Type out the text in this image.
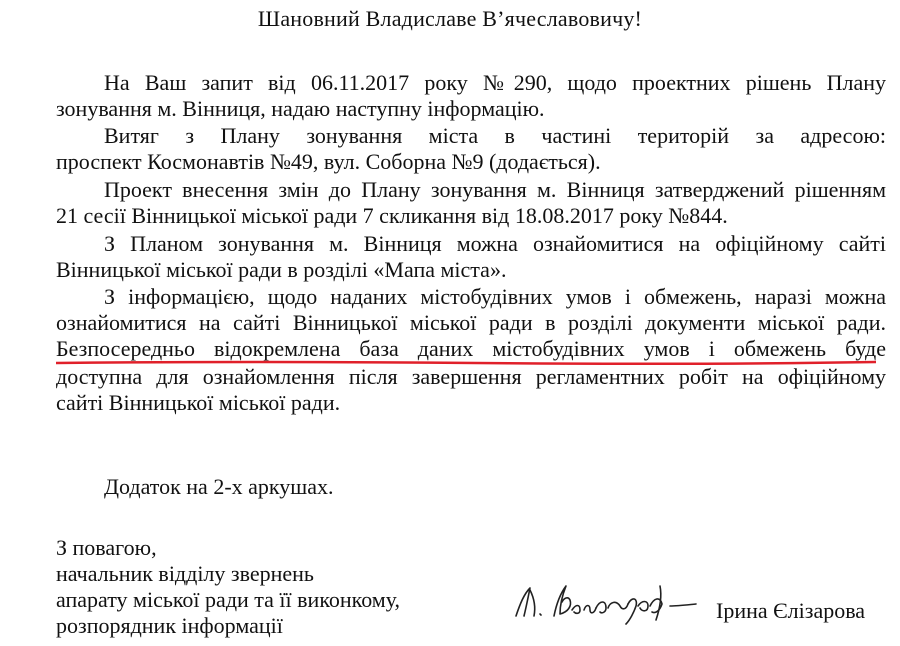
Шановний Владиславе В’ячеславовичу!
На Ваш запит від 06.11.2017 року №290, щодо проектних рішень Плану
зонування м. Вінниця, надаю наступну інформацію.
Витяг з Плану зонування міста в частині територій за адресою:
проспект Космонавтів №49, вул. Соборна №9 (додається).
Проект внесення змін до Плану зонування м. Вінниця затверджений рішенням
21 сесії Вінницької міської ради 7 скликання від 18.08.2017 року №844.
З Планом зонування м. Вінниця можна ознайомитися на офіційному сайті
Вінницької міської ради в розділі «Мапа міста».
З інформацією, щодо наданих містобудівних умов і обмежень, наразі можна
ознайомитися на сайті Вінницької міської ради в розділі документи міської ради.
Безпосередньо відокремлена база даних містобудівних умов і обмежень буде
доступна для ознайомлення після завершення регламентних робіт на офіційному
сайті Вінницької міської ради.
Додаток на 2-х аркушах.
З повагою,
начальник відділу звернень
апарату міської ради та її виконкому,
розпорядник інформації
Ірина Єлізарова
